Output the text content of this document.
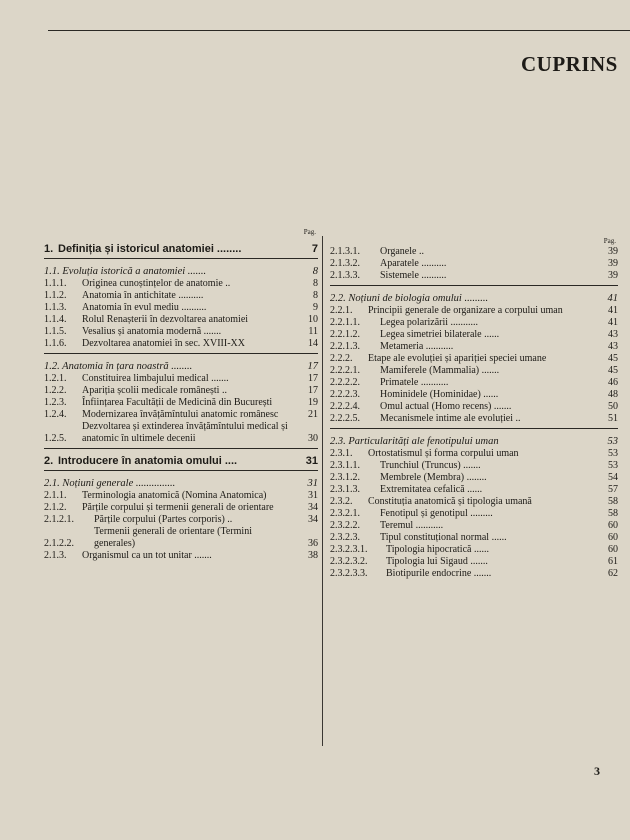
CUPRINS
Pag.
1. Definiția și istoricul anatomiei ........	7
1.1. Evoluția istorică a anatomiei .......	8
1.1.1.	Originea cunoștințelor de anatomie ..	8
1.1.2.	Anatomia în antichitate ..........	8
1.1.3.	Anatomia în evul mediu ..........	9
1.1.4.	Rolul Renașterii în dezvoltarea anatomiei	10
1.1.5.	Vesalius și anatomia modernă .......	11
1.1.6.	Dezvoltarea anatomiei în sec. XVIII-XX	14
1.2. Anatomia în țara noastră ........	17
1.2.1.	Constituirea limbajului medical .......	17
1.2.2.	Apariția școlii medicale românești ..	17
1.2.3.	Înființarea Facultății de Medicină din București	19
1.2.4.	Modernizarea învățămîntului anatomic românesc	21
1.2.5.
Dezvoltarea și extinderea învățămîntului medical și anatomic în ultimele decenii	30
2. Introducere în anatomia omului ....	31
2.1. Noțiuni generale ...............	31
2.1.1.	Terminologia anatomică (Nomina Anatomica)	31
2.1.2.	Părțile corpului și termenii generali de orientare	34
2.1.2.1.	Părțile corpului (Partes corporis) ..	34
2.1.2.2.
Termenii generali de orientare (Termini generales)	36
2.1.3.	Organismul ca un tot unitar .......	38
Pag.
2.1.3.1.	Organele ..	39
2.1.3.2.	Aparatele ..........	39
2.1.3.3.	Sistemele ..........	39
2.2. Noțiuni de biologia omului .........	41
2.2.1.	Principii generale de organizare a corpului uman	41
2.2.1.1.	Legea polarizării ...........	41
2.2.1.2.	Legea simetriei bilaterale ......	43
2.2.1.3.	Metameria ...........	43
2.2.2.	Etape ale evoluției și apariției speciei umane	45
2.2.2.1.	Mamiferele (Mammalia) .......	45
2.2.2.2.	Primatele ...........	46
2.2.2.3.	Hominidele (Hominidae) ......	48
2.2.2.4.	Omul actual (Homo recens) .......	50
2.2.2.5.	Mecanismele intime ale evoluției ..	51
2.3. Particularități ale fenotipului uman	53
2.3.1.	Ortostatismul și forma corpului uman	53
2.3.1.1.	Trunchiul (Truncus) .......	53
2.3.1.2.	Membrele (Membra) ........	54
2.3.1.3.	Extremitatea cefalică ......	57
2.3.2.	Constituția anatomică și tipologia umană	58
2.3.2.1.	Fenotipul și genotipul .........	58
2.3.2.2.	Teremul ...........	60
2.3.2.3.	Tipul constituțional normal ......	60
2.3.2.3.1.	Tipologia hipocratică ......	60
2.3.2.3.2.	Tipologia lui Sigaud .......	61
2.3.2.3.3.	Biotipurile endocrine .......	62
3
